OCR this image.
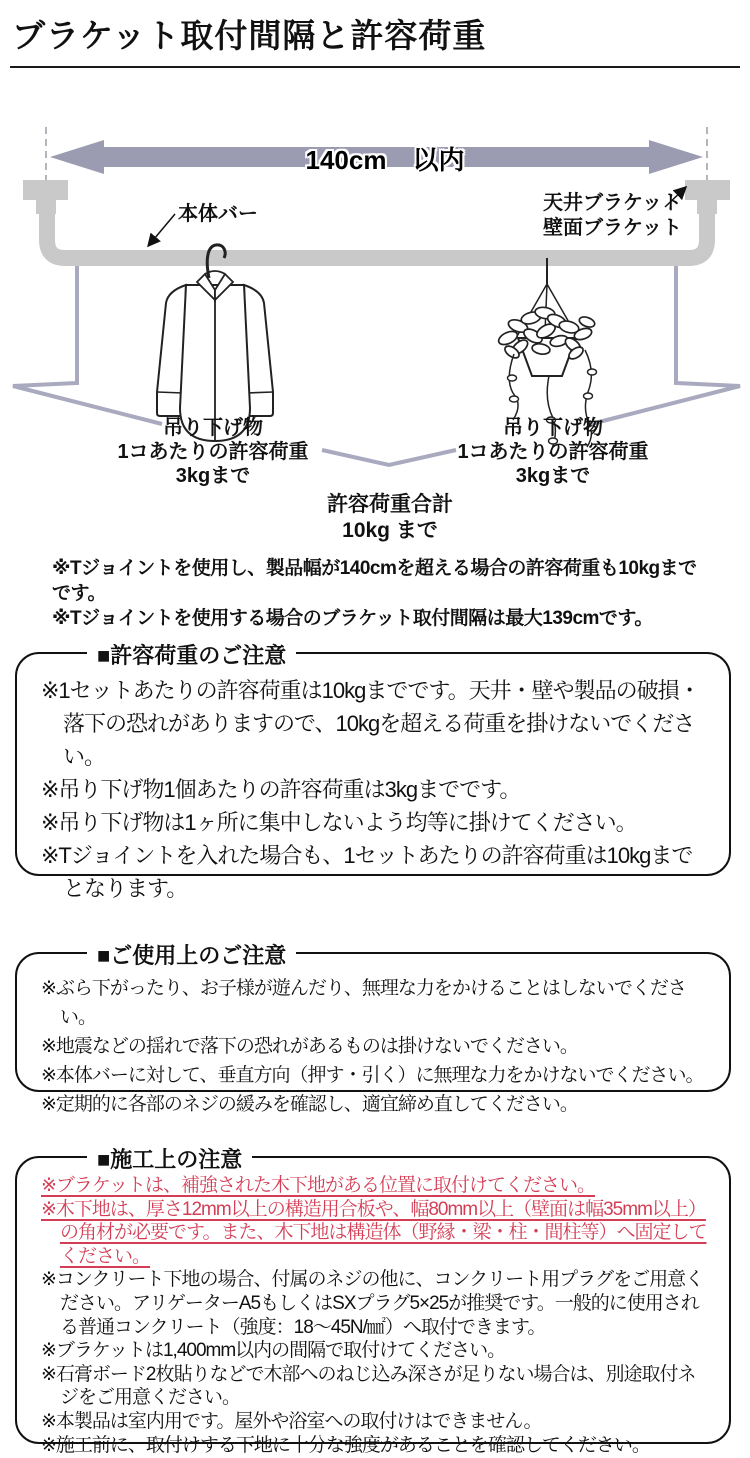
ブラケット取付間隔と許容荷重
140cm　以内
本体バー	天井ブラケット
壁面ブラケット
吊り下げ物
1コあたりの許容荷重
3kgまで
吊り下げ物
1コあたりの許容荷重
3kgまで
許容荷重合計
10kg まで
※Tジョイントを使用し、製品幅が140cmを超える場合の許容荷重も10kgまでです。
※Tジョイントを使用する場合のブラケット取付間隔は最大139cmです。
■許容荷重のご注意
※1セットあたりの許容荷重は10kgまでです。天井・壁や製品の破損・落下の恐れがありますので、10kgを超える荷重を掛けないでください。
※吊り下げ物1個あたりの許容荷重は3kgまでです。
※吊り下げ物は1ヶ所に集中しないよう均等に掛けてください。
※Tジョイントを入れた場合も、1セットあたりの許容荷重は10kgまでとなります。
■ご使用上のご注意
※ぶら下がったり、お子様が遊んだり、無理な力をかけることはしないでください。
※地震などの揺れで落下の恐れがあるものは掛けないでください。
※本体バーに対して、垂直方向（押す・引く）に無理な力をかけないでください。
※定期的に各部のネジの緩みを確認し、適宜締め直してください。
■施工上の注意
※ブラケットは、補強された木下地がある位置に取付けてください。
※木下地は、厚さ12mm以上の構造用合板や、幅80mm以上（壁面は幅35mm以上）の角材が必要です。また、木下地は構造体（野縁・梁・柱・間柱等）へ固定してください。
※コンクリート下地の場合、付属のネジの他に、コンクリート用プラグをご用意ください。アリゲーターA5もしくはSXプラグ5×25が推奨です。一般的に使用される普通コンクリート（強度：18～45N/㎟）へ取付できます。
※ブラケットは1,400mm以内の間隔で取付けてください。
※石膏ボード2枚貼りなどで木部へのねじ込み深さが足りない場合は、別途取付ネジをご用意ください。
※本製品は室内用です。屋外や浴室への取付けはできません。
※施工前に、取付けする下地に十分な強度があることを確認してください。
